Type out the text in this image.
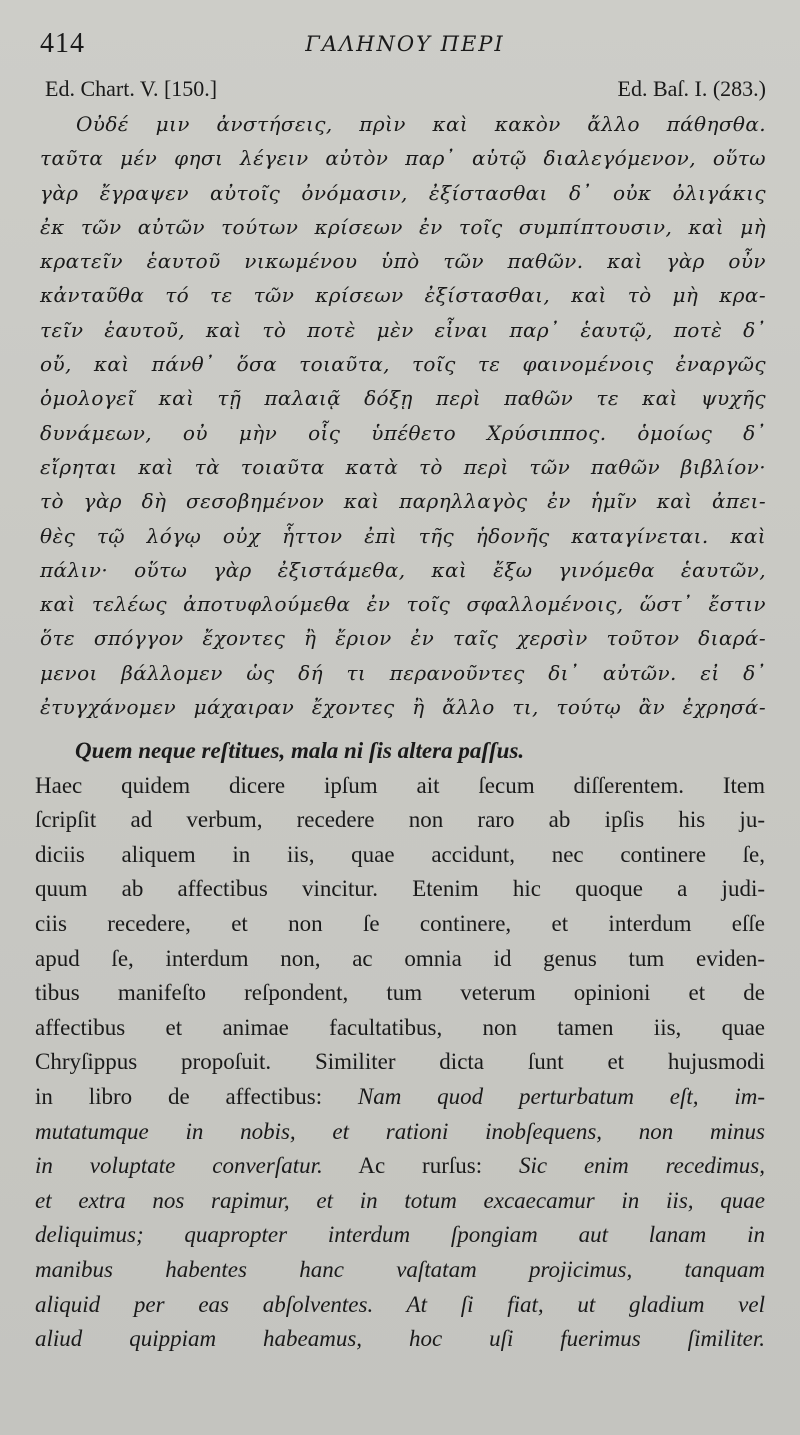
414	ΓΑΛΗΝΟΥ ΠΕΡΙ
Ed. Chart. V. [150.]	Ed. Baſ. I. (283.)
Οὐδέ μιν ἀνστήσεις, πρὶν καὶ κακὸν ἄλλο πάθησθα.
ταῦτα μέν φησι λέγειν αὐτὸν παρ᾿ αὑτῷ διαλεγόμενον, οὕτω
γὰρ ἔγραψεν αὐτοῖς ὀνόμασιν, ἐξίστασθαι δ᾿ οὐκ ὀλιγάκις
ἐκ τῶν αὐτῶν τούτων κρίσεων ἐν τοῖς συμπίπτουσιν, καὶ μὴ
κρατεῖν ἑαυτοῦ νικωμένου ὑπὸ τῶν παθῶν. καὶ γὰρ οὖν
κἀνταῦθα τό τε τῶν κρίσεων ἐξίστασθαι, καὶ τὸ μὴ κρα-
τεῖν ἑαυτοῦ, καὶ τὸ ποτὲ μὲν εἶναι παρ᾿ ἑαυτῷ, ποτὲ δ᾿
οὔ, καὶ πάνθ᾿ ὅσα τοιαῦτα, τοῖς τε φαινομένοις ἐναργῶς
ὁμολογεῖ καὶ τῇ παλαιᾷ δόξῃ περὶ παθῶν τε καὶ ψυχῆς
δυνάμεων, οὐ μὴν οἷς ὑπέθετο Χρύσιππος. ὁμοίως δ᾿
εἴρηται καὶ τὰ τοιαῦτα κατὰ τὸ περὶ τῶν παθῶν βιβλίον·
τὸ γὰρ δὴ σεσοβημένον καὶ παρηλλαγὸς ἐν ἡμῖν καὶ ἀπει-
θὲς τῷ λόγῳ οὐχ ἧττον ἐπὶ τῆς ἡδονῆς καταγίνεται. καὶ
πάλιν· οὕτω γὰρ ἐξιστάμεθα, καὶ ἔξω γινόμεθα ἑαυτῶν,
καὶ τελέως ἀποτυφλούμεθα ἐν τοῖς σφαλλομένοις, ὥστ᾿ ἔστιν
ὅτε σπόγγον ἔχοντες ἢ ἔριον ἐν ταῖς χερσὶν τοῦτον διαρά-
μενοι βάλλομεν ὡς δή τι περανοῦντες δι᾿ αὐτῶν. εἰ δ᾿
ἐτυγχάνομεν μάχαιραν ἔχοντες ἢ ἄλλο τι, τούτῳ ἂν ἐχρησά-
Quem neque reſtitues, mala ni ſis altera paſſus.
Haec quidem dicere ipſum ait ſecum diſſerentem. Item
ſcripſit ad verbum, recedere non raro ab ipſis his ju-
diciis aliquem in iis, quae accidunt, nec continere ſe,
quum ab affectibus vincitur. Etenim hic quoque a judi-
ciis recedere, et non ſe continere, et interdum eſſe
apud ſe, interdum non, ac omnia id genus tum eviden-
tibus manifeſto reſpondent, tum veterum opinioni et de
affectibus et animae facultatibus, non tamen iis, quae
Chryſippus propoſuit. Similiter dicta ſunt et hujusmodi
in libro de affectibus: Nam quod perturbatum eſt, im-
mutatumque in nobis, et rationi inobſequens, non minus
in voluptate converſatur. Ac rurſus: Sic enim recedimus,
et extra nos rapimur, et in totum excaecamur in iis, quae
deliquimus; quapropter interdum ſpongiam aut lanam in
manibus habentes hanc vaſtatam projicimus, tanquam
aliquid per eas abſolventes. At ſi fiat, ut gladium vel
aliud quippiam habeamus, hoc uſi fuerimus ſimiliter.
